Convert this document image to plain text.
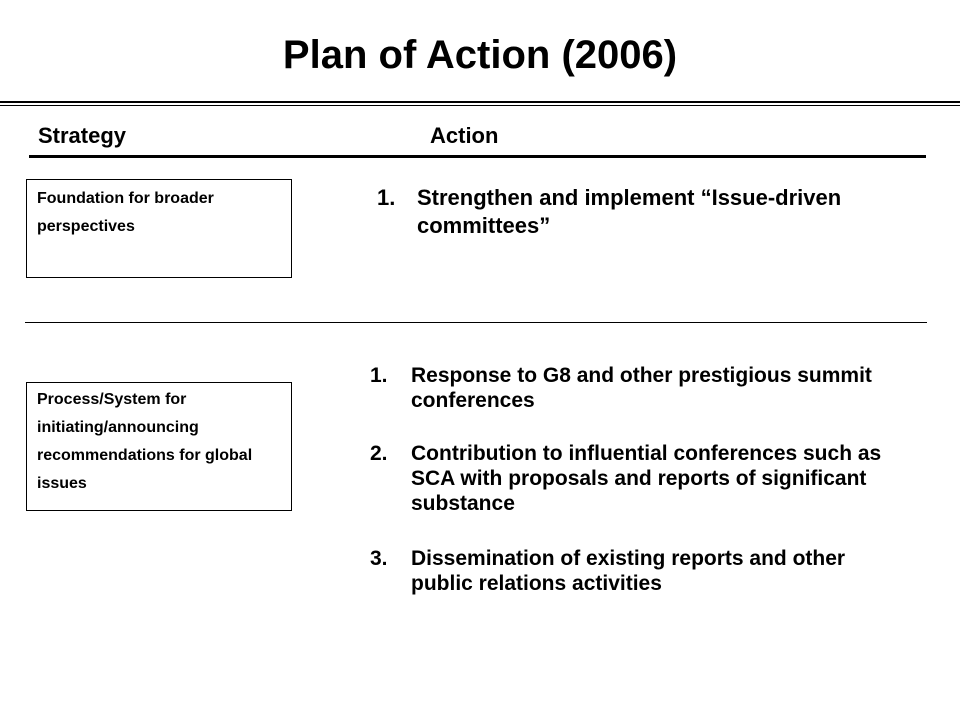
Plan of Action (2006)
Strategy	Action
Foundation for broader perspectives
1. Strengthen and implement “Issue-driven committees”
Process/System for initiating/announcing recommendations for global issues
1. Response to G8 and other prestigious summit conferences
2. Contribution to influential conferences such as SCA with proposals and reports of significant substance
3. Dissemination of existing reports and other public relations activities
